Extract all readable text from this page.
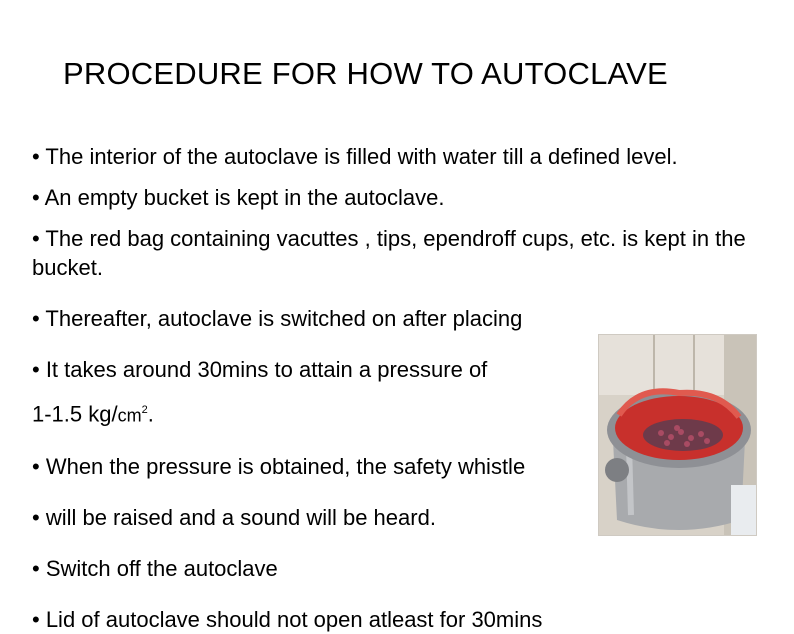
PROCEDURE FOR HOW TO AUTOCLAVE

• The interior of the autoclave is filled with water till a defined level.

• An empty bucket is kept in the autoclave.

• The red bag containing vacuttes , tips, ependroff cups, etc. is kept in the bucket.

• Thereafter, autoclave is switched on after placing

• It takes around 30mins to attain a pressure of

1-1.5 $kg/cm^2$.

• When the pressure is obtained, the safety whistle

• will be raised and a sound will be heard.

• Switch off the autoclave

• Lid of autoclave should not open atleast for 30mins
